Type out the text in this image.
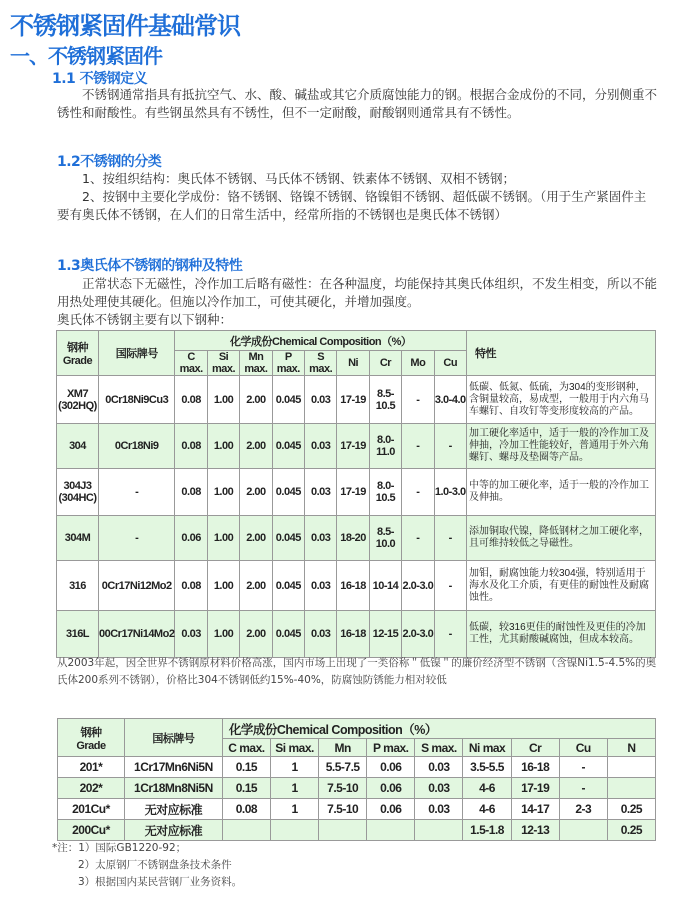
不锈钢紧固件基础常识
一、不锈钢紧固件
1.1 不锈钢定义
不锈钢通常指具有抵抗空气、水、酸、碱盐或其它介质腐蚀能力的钢。根据合金成份的不同，分别侧重不锈性和耐酸性。有些钢虽然具有不锈性，但不一定耐酸，耐酸钢则通常具有不锈性。
1.2不锈钢的分类
1、按组织结构：奥氏体不锈钢、马氏体不锈钢、铁素体不锈钢、双相不锈钢；
2、按钢中主要化学成份：铬不锈钢、铬镍不锈钢、铬镍钼不锈钢、超低碳不锈钢。（用于生产紧固件主要有奥氏体不锈钢，在人们的日常生活中，经常所指的不锈钢也是奥氏体不锈钢）
1.3奥氏体不锈钢的钢种及特性
正常状态下无磁性，冷作加工后略有磁性：在各种温度，均能保持其奥氏体组织，不发生相变，所以不能用热处理使其硬化。但施以冷作加工，可使其硬化，并增加强度。
奥氏体不锈钢主要有以下钢种：
钢种
Grade	国际牌号	化学成份Chemical Composition（%）									特性
		C max.	Si max.	Mn max.	P max.	S max.	Ni	Cr	Mo	Cu	
XM7
(302HQ)	0Cr18Ni9Cu3	0.08	1.00	2.00	0.045	0.03	17-19	8.5-10.5	-	3.0-4.0	低碳、低氮、低硫，为304的变形钢种，含铜量较高，易成型，一般用于内六角马车螺钉、自攻钉等变形度较高的产品。
304	0Cr18Ni9	0.08	1.00	2.00	0.045	0.03	17-19	8.0-11.0	-	-	加工硬化率适中，适于一般的冷作加工及伸抽，冷加工性能较好，普通用于外六角螺钉、螺母及垫圈等产品。
304J3
(304HC)	-	0.08	1.00	2.00	0.045	0.03	17-19	8.0-10.5	-	1.0-3.0	中等的加工硬化率，适于一般的冷作加工及伸抽。
304M	-	0.06	1.00	2.00	0.045	0.03	18-20	8.5-10.0	-	-	添加铜取代镍，降低钢材之加工硬化率，且可维持较低之导磁性。
316	0Cr17Ni12Mo2	0.08	1.00	2.00	0.045	0.03	16-18	10-14	2.0-3.0	-	加钼，耐腐蚀能力较304强，特别适用于海水及化工介质，有更佳的耐蚀性及耐腐蚀性。
316L	00Cr17Ni14Mo2	0.03	1.00	2.00	0.045	0.03	16-18	12-15	2.0-3.0	-	低碳，较316更佳的耐蚀性及更佳的冷加工性，尤其耐酸碱腐蚀，但成本较高。
从2003年起，因全世界不锈钢原材料价格高涨，国内市场上出现了一类俗称＂低镍＂的廉价经济型不锈钢（含镍Ni1.5-4.5%的奥氏体200系列不锈钢），价格比304不锈钢低约15%-40%，防腐蚀防锈能力相对较低
钢种
Grade	国标牌号	化学成份Chemical Composition（%）								
		C max.	Si max.	Mn	P max.	S max.	Ni max	Cr	Cu	N
201*	1Cr17Mn6Ni5N	0.15	1	5.5-7.5	0.06	0.03	3.5-5.5	16-18	-	
202*	1Cr18Mn8Ni5N	0.15	1	7.5-10	0.06	0.03	4-6	17-19	-	
201Cu*	无对应标准	0.08	1	7.5-10	0.06	0.03	4-6	14-17	2-3	0.25
200Cu*	无对应标准						1.5-1.8	12-13		0.25
*注：1）国际GB1220-92；
2）太原钢厂不锈钢盘条技术条件
3）根据国内某民营钢厂业务资料。
